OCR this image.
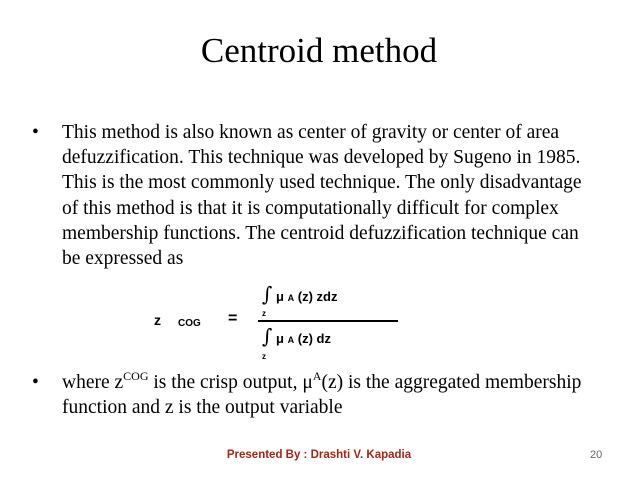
Centroid method
• This method is also known as center of gravity or center of area defuzzification. This technique was developed by Sugeno in 1985. This is the most commonly used technique. The only disadvantage of this method is that it is computationally difficult for complex membership functions. The centroid defuzzification technique can be expressed as
z COG =
∫ μ A (z) zdz
z
∫ μ A (z) dz
z
• where $z^{COG}$ is the crisp output, $\mu^A(z)$ is the aggregated membership function and z is the output variable
Presented By : Drashti V. Kapadia	20
